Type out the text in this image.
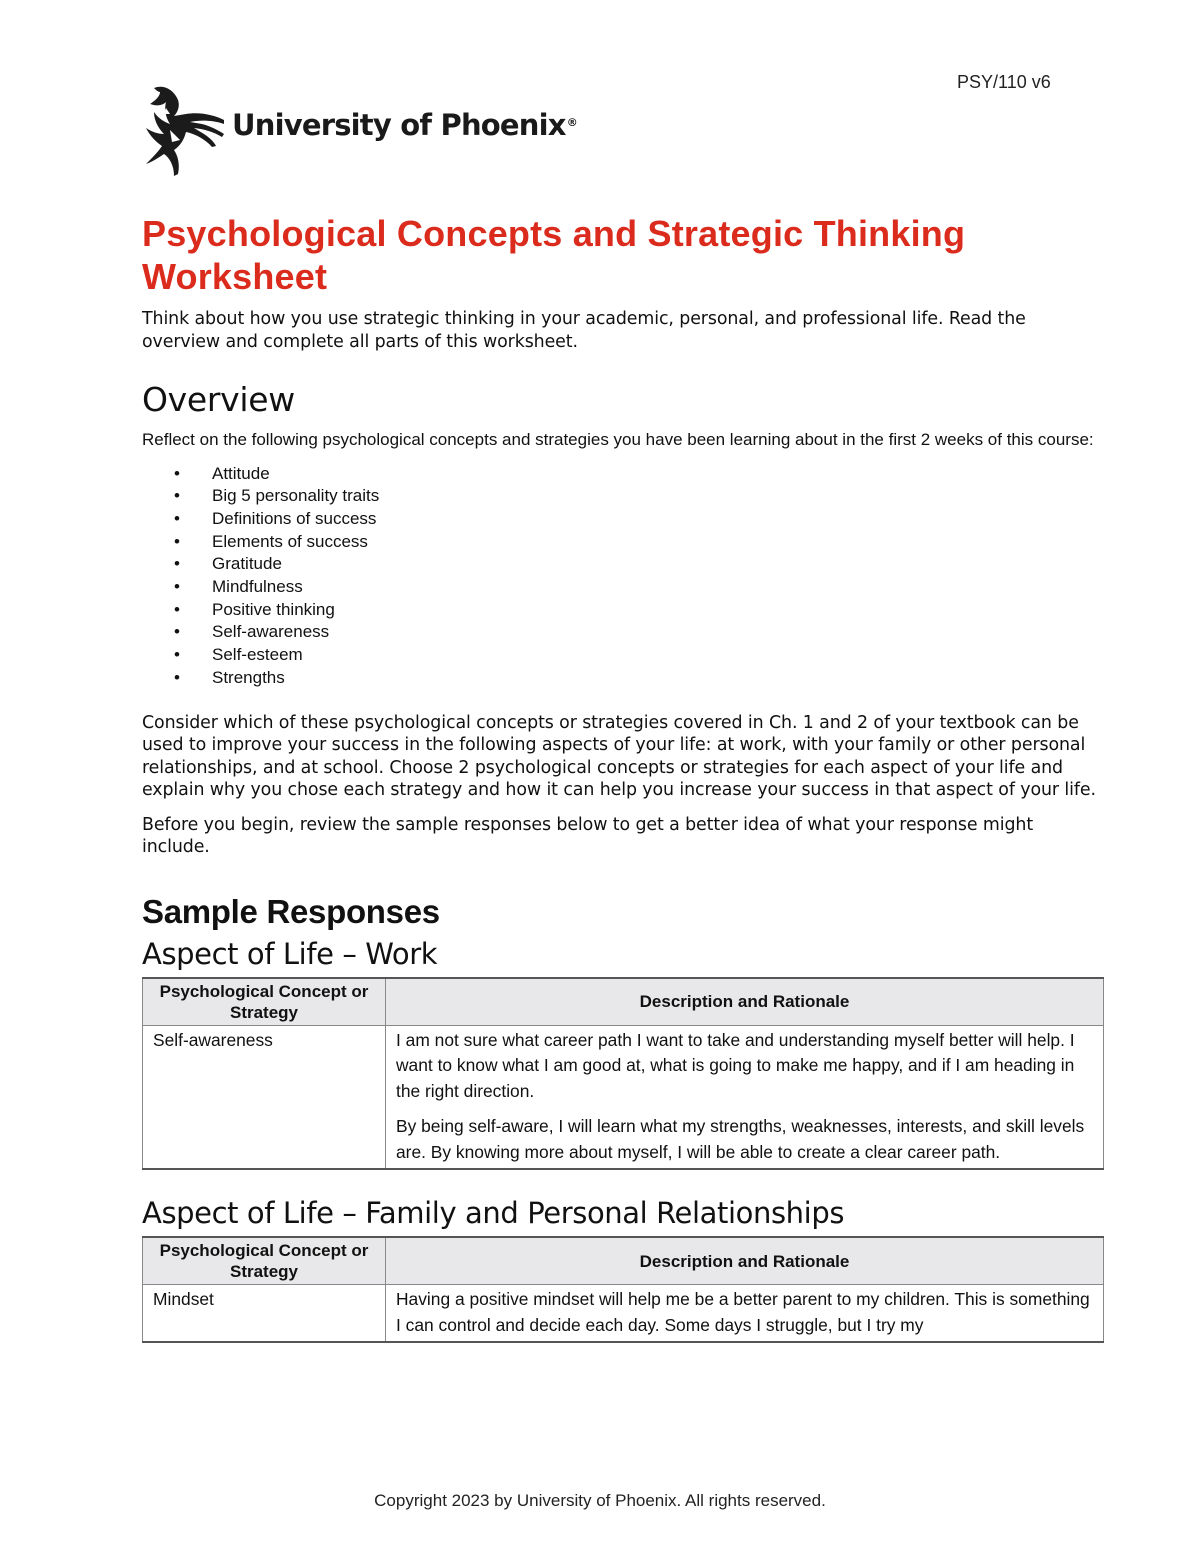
PSY/110 v6
University of Phoenix®
Psychological Concepts and Strategic Thinking Worksheet

Think about how you use strategic thinking in your academic, personal, and professional life. Read the overview and complete all parts of this worksheet.

Overview

Reflect on the following psychological concepts and strategies you have been learning about in the first 2 weeks of this course:

• Attitude
• Big 5 personality traits
• Definitions of success
• Elements of success
• Gratitude
• Mindfulness
• Positive thinking
• Self-awareness
• Self-esteem
• Strengths

Consider which of these psychological concepts or strategies covered in Ch. 1 and 2 of your textbook can be used to improve your success in the following aspects of your life: at work, with your family or other personal relationships, and at school. Choose 2 psychological concepts or strategies for each aspect of your life and explain why you chose each strategy and how it can help you increase your success in that aspect of your life.

Before you begin, review the sample responses below to get a better idea of what your response might include.

Sample Responses
Aspect of Life – Work
Psychological Concept or Strategy	Description and Rationale
Self-awareness	I am not sure what career path I want to take and understanding myself better will help. I want to know what I am good at, what is going to make me happy, and if I am heading in the right direction.

By being self-aware, I will learn what my strengths, weaknesses, interests, and skill levels are. By knowing more about myself, I will be able to create a clear career path.

Aspect of Life – Family and Personal Relationships
Psychological Concept or Strategy	Description and Rationale
Mindset	Having a positive mindset will help me be a better parent to my children. This is something I can control and decide each day. Some days I struggle, but I try my

Copyright 2023 by University of Phoenix. All rights reserved.
